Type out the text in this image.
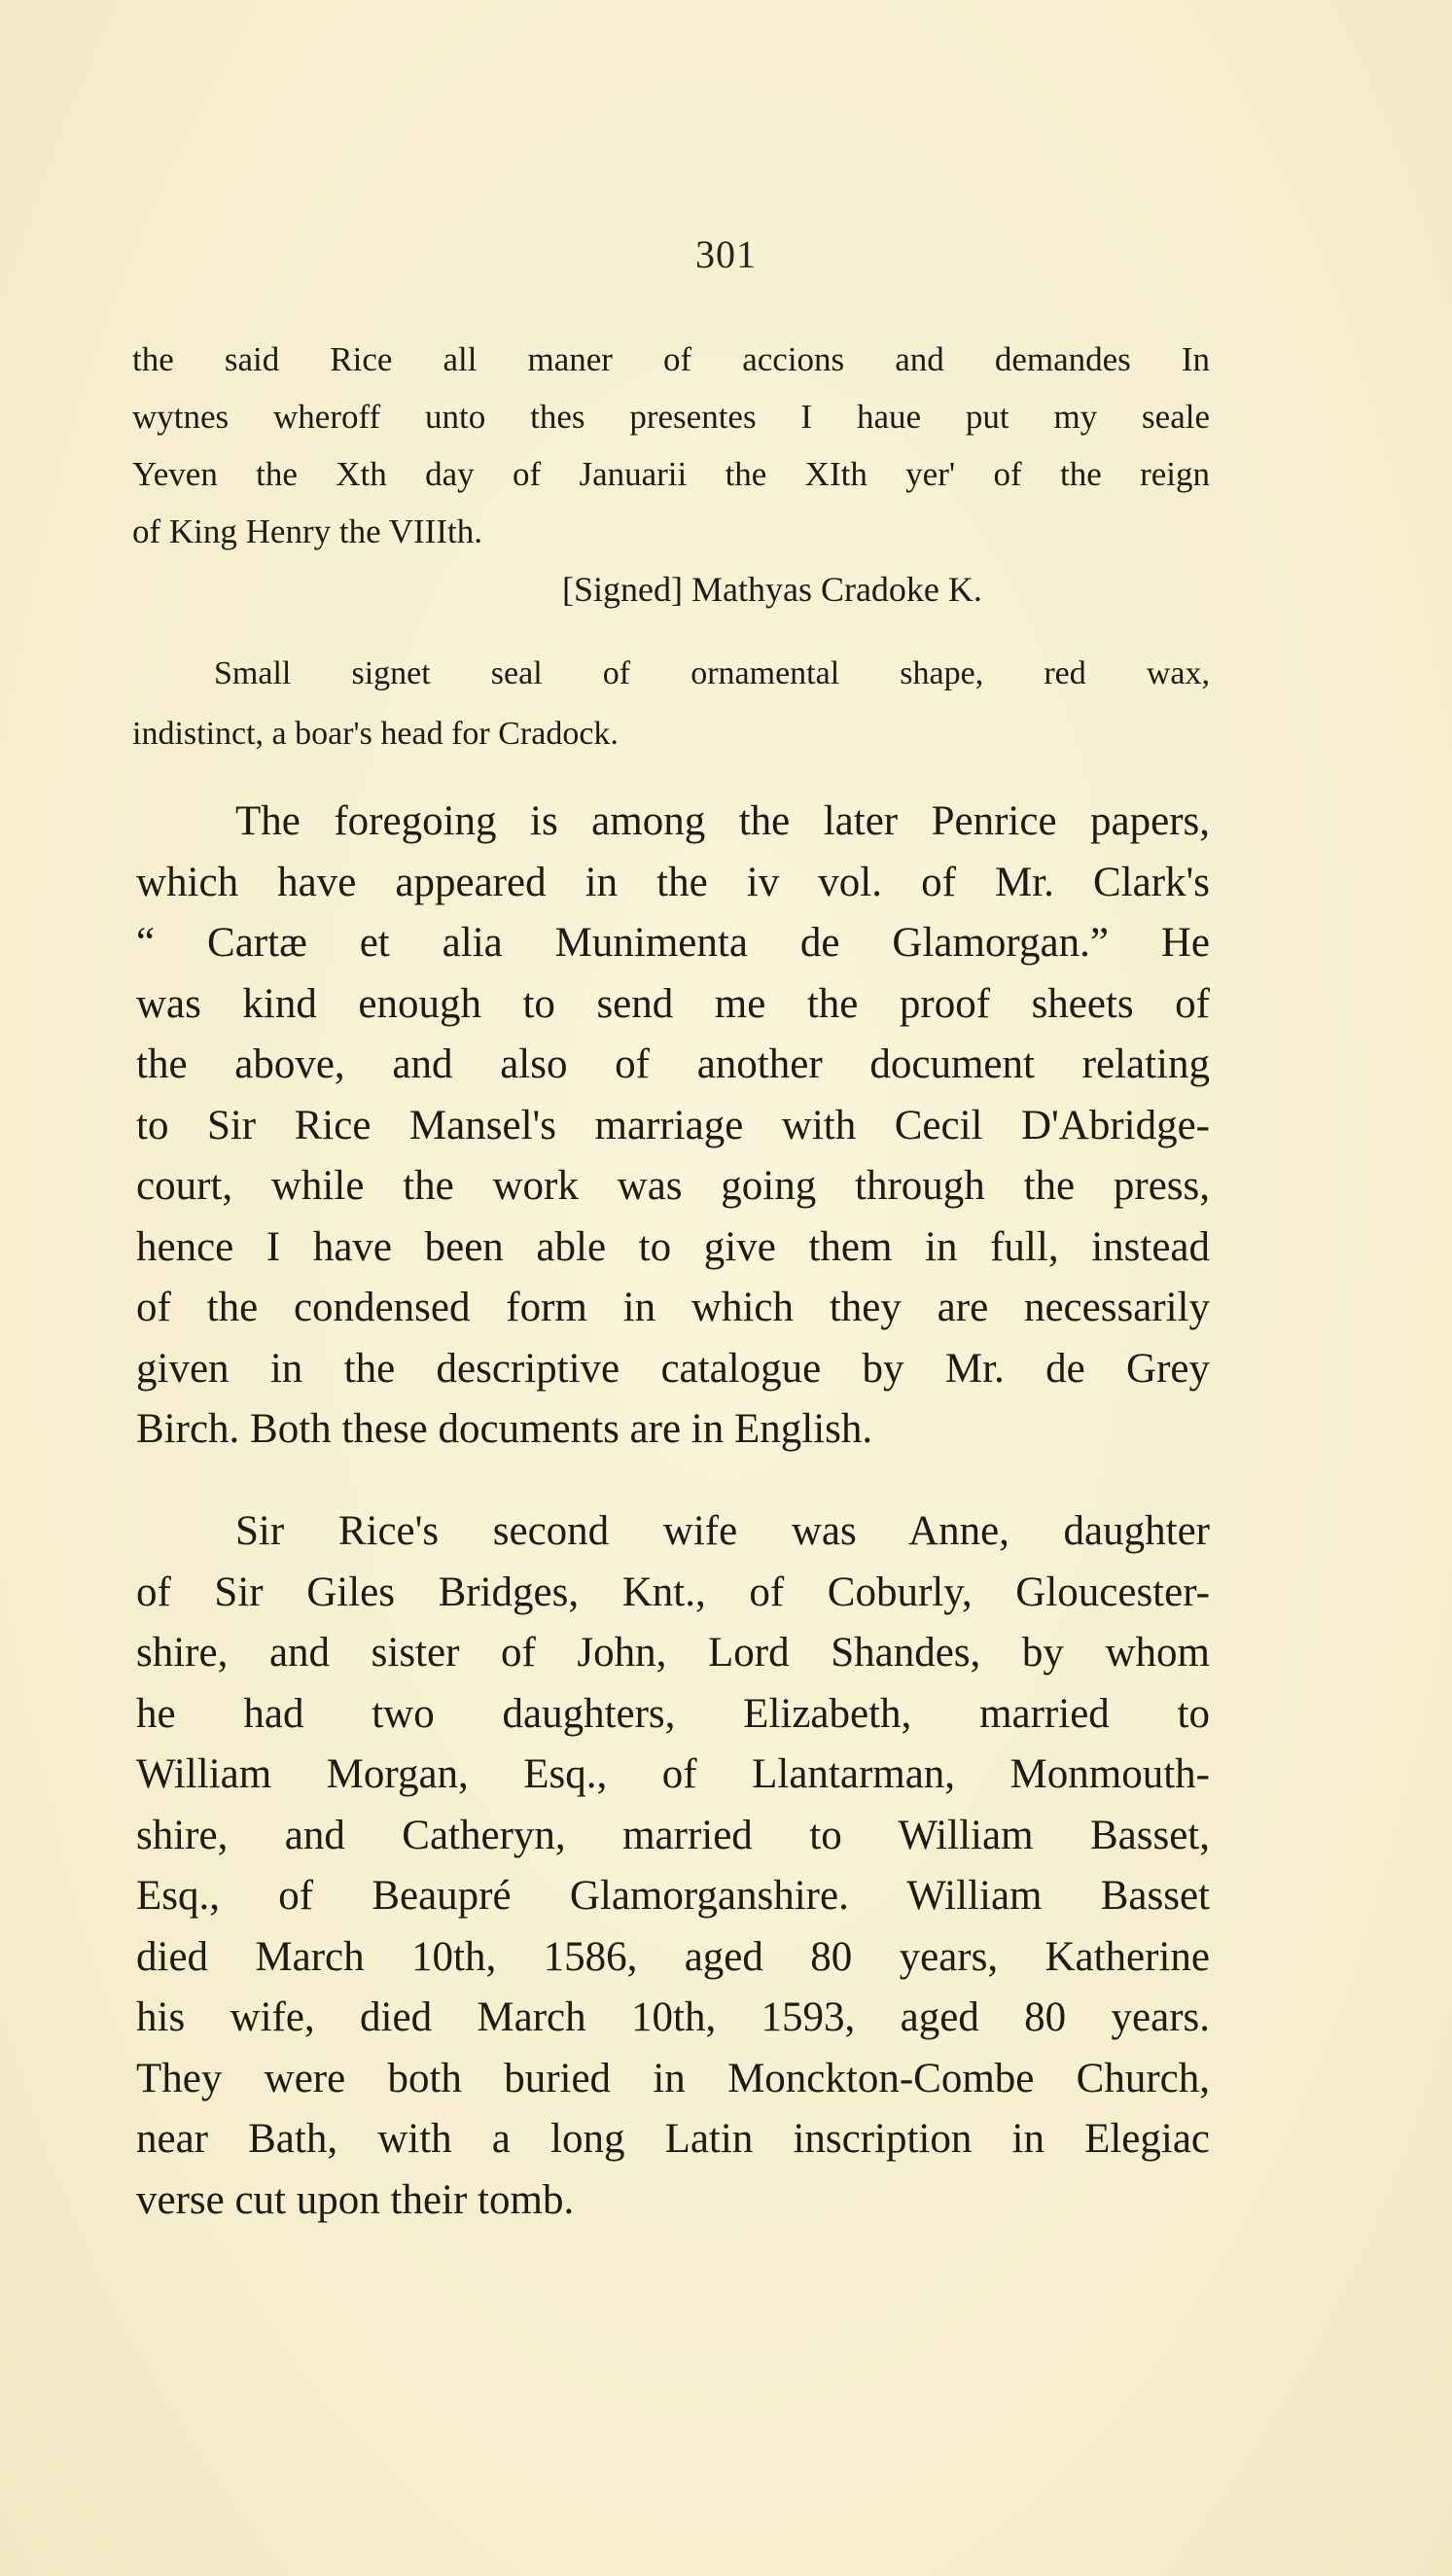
301
the said Rice all maner of accions and demandes In
wytnes wheroff unto thes presentes I haue put my seale
Yeven the Xth day of Januarii the XIth yer' of the reign
of King Henry the VIIIth.
[Signed] Mathyas Cradoke K.
Small signet seal of ornamental shape, red wax,
indistinct, a boar's head for Cradock.
The foregoing is among the later Penrice papers,
which have appeared in the iv vol. of Mr. Clark's
“ Cartæ et alia Munimenta de Glamorgan.” He
was kind enough to send me the proof sheets of
the above, and also of another document relating
to Sir Rice Mansel's marriage with Cecil D'Abridge-
court, while the work was going through the press,
hence I have been able to give them in full, instead
of the condensed form in which they are necessarily
given in the descriptive catalogue by Mr. de Grey
Birch. Both these documents are in English.
Sir Rice's second wife was Anne, daughter
of Sir Giles Bridges, Knt., of Coburly, Gloucester-
shire, and sister of John, Lord Shandes, by whom
he had two daughters, Elizabeth, married to
William Morgan, Esq., of Llantarman, Monmouth-
shire, and Catheryn, married to William Basset,
Esq., of Beaupré Glamorganshire. William Basset
died March 10th, 1586, aged 80 years, Katherine
his wife, died March 10th, 1593, aged 80 years.
They were both buried in Monckton-Combe Church,
near Bath, with a long Latin inscription in Elegiac
verse cut upon their tomb.
